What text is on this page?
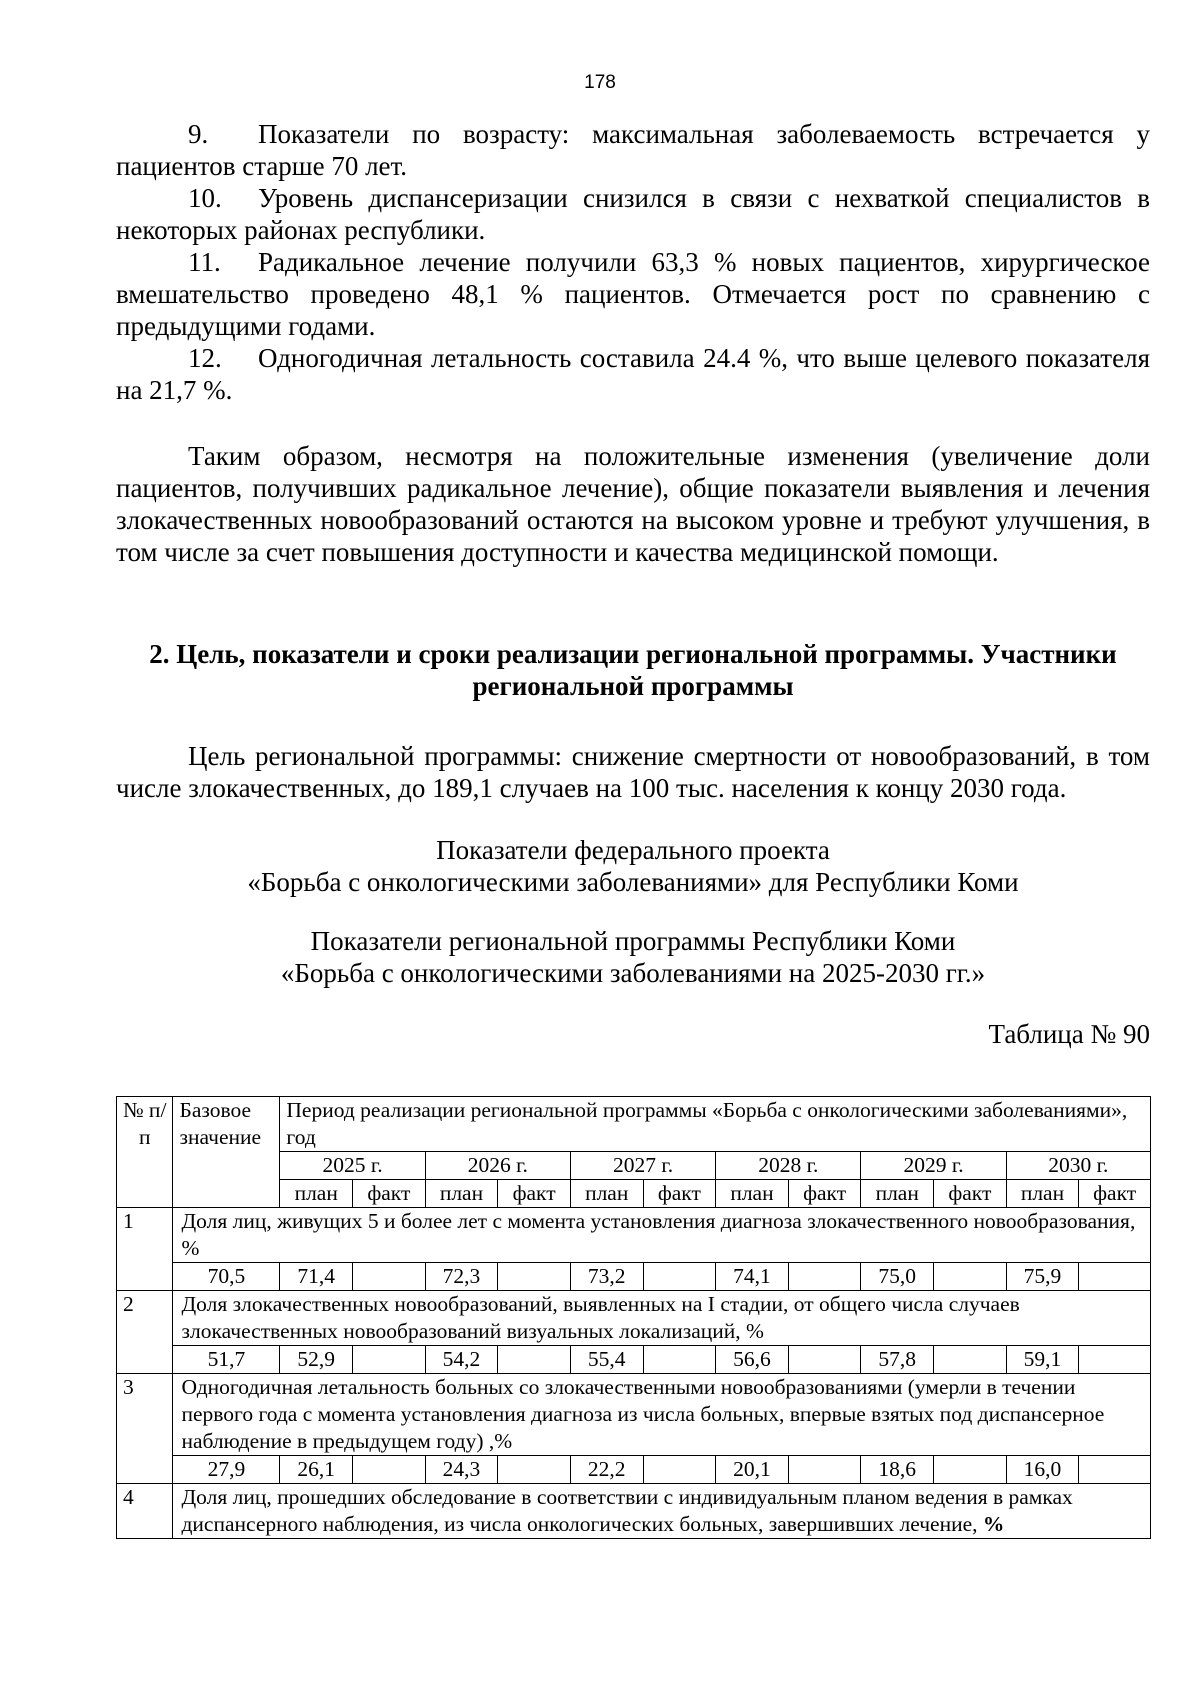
178

9. Показатели по возрасту: максимальная заболеваемость встречается у пациентов старше 70 лет.

10. Уровень диспансеризации снизился в связи с нехваткой специалистов в некоторых районах республики.

11. Радикальное лечение получили 63,3 % новых пациентов, хирургическое вмешательство проведено 48,1 % пациентов. Отмечается рост по сравнению с предыдущими годами.

12. Одногодичная летальность составила 24.4 %, что выше целевого показателя на 21,7 %.

Таким образом, несмотря на положительные изменения (увеличение доли пациентов, получивших радикальное лечение), общие показатели выявления и лечения злокачественных новообразований остаются на высоком уровне и требуют улучшения, в том числе за счет повышения доступности и качества медицинской помощи.

2. Цель, показатели и сроки реализации региональной программы. Участники

региональной программы

Цель региональной программы: снижение смертности от новообразований, в том числе злокачественных, до 189,1 случаев на 100 тыс. населения к концу 2030 года.

Показатели федерального проекта

«Борьба с онкологическими заболеваниями» для Республики Коми

Показатели региональной программы Республики Коми

«Борьба с онкологическими заболеваниями на 2025-2030 гг.»

Таблица № 90

№ п/п	Базовое значение	Период реализации региональной программы «Борьба с онкологическими заболеваниями», год											
		2025 г.		2026 г.		2027 г.		2028 г.		2029 г.		2030 г.	
		план	факт	план	факт	план	факт	план	факт	план	факт	план	факт
1	Доля лиц, живущих 5 и более лет с момента установления диагноза злокачественного новообразования, %												
	70,5	71,4		72,3		73,2		74,1		75,0		75,9	
2	Доля злокачественных новообразований, выявленных на I стадии, от общего числа случаев злокачественных новообразований визуальных локализаций, %												
	51,7	52,9		54,2		55,4		56,6		57,8		59,1	
3	Одногодичная летальность больных со злокачественными новообразованиями (умерли в течении первого года с момента установления диагноза из числа больных, впервые взятых под диспансерное наблюдение в предыдущем году) ,%												
	27,9	26,1		24,3		22,2		20,1		18,6		16,0	
4	Доля лиц, прошедших обследование в соответствии с индивидуальным планом ведения в рамках диспансерного наблюдения, из числа онкологических больных, завершивших лечение, %												
